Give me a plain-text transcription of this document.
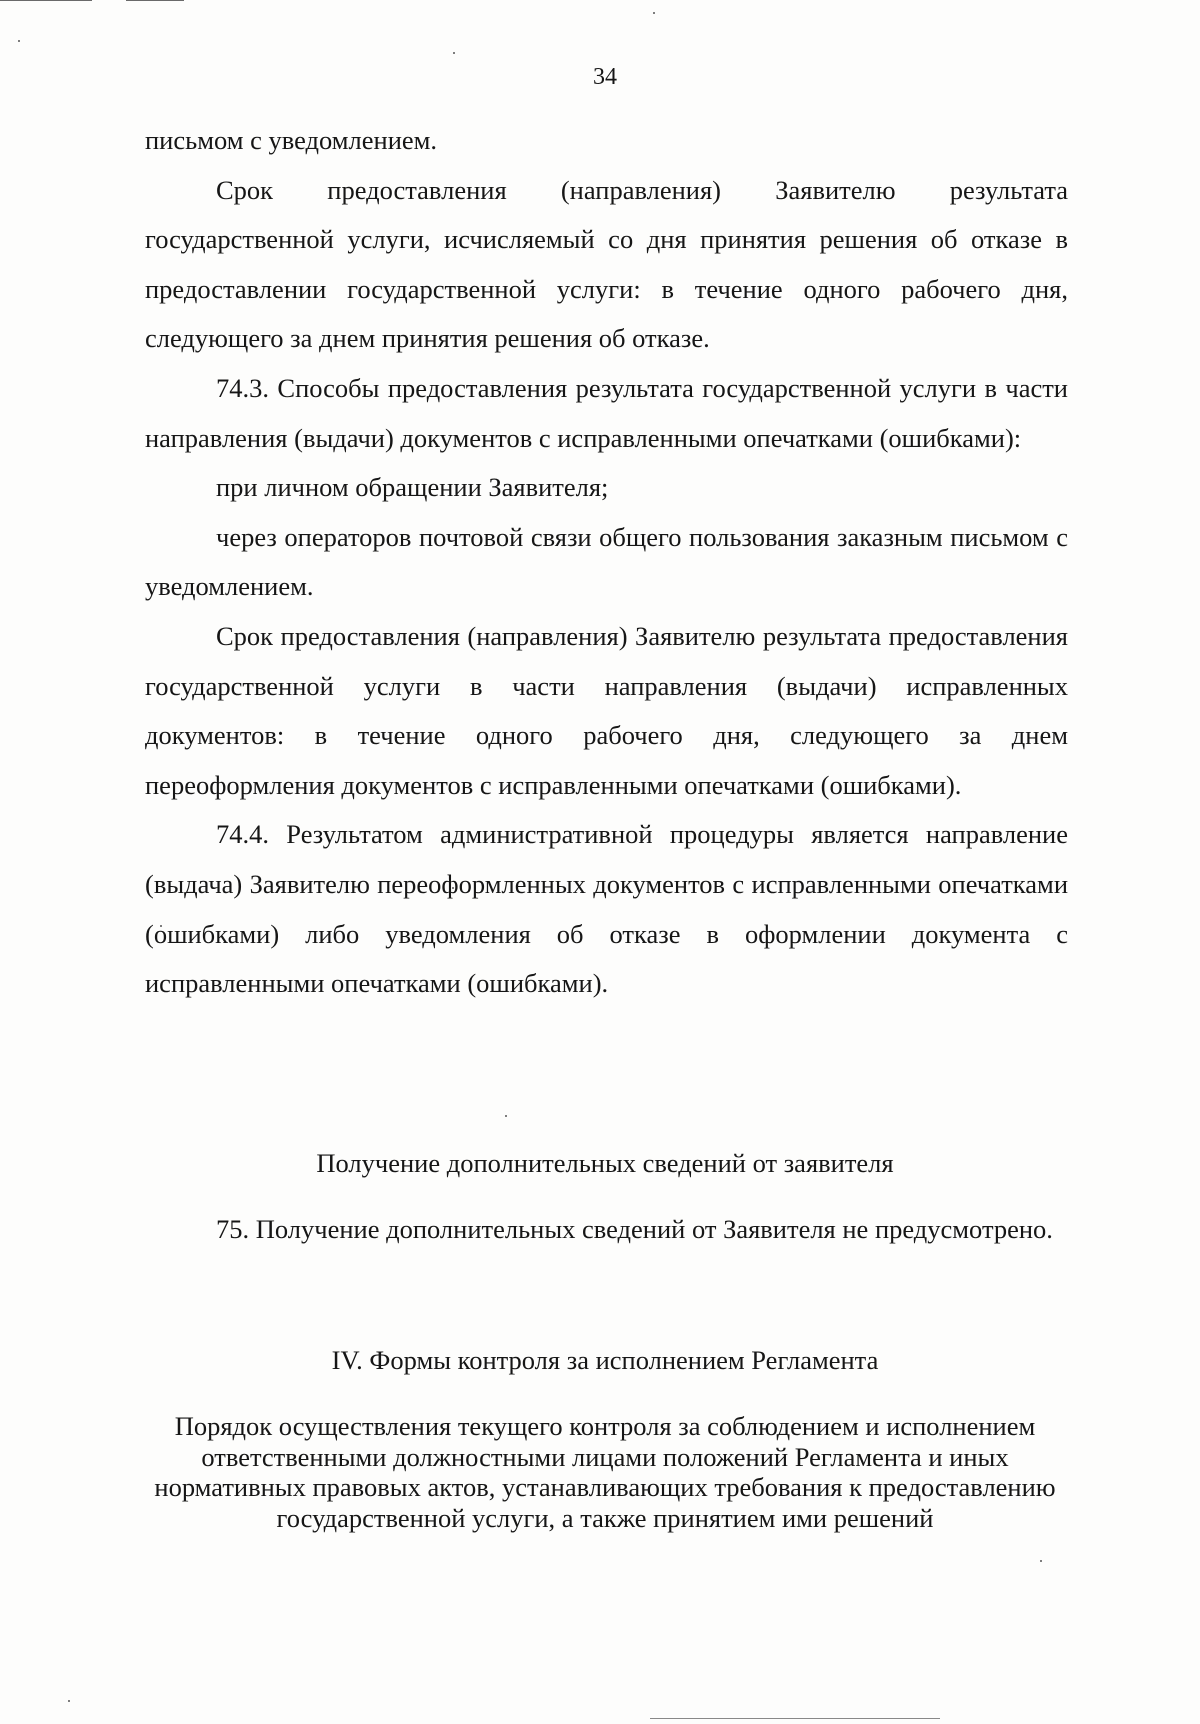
34

письмом с уведомлением.

Срок предоставления (направления) Заявителю результата государственной услуги, исчисляемый со дня принятия решения об отказе в предоставлении государственной услуги: в течение одного рабочего дня, следующего за днем принятия решения об отказе.

74.3. Способы предоставления результата государственной услуги в части направления (выдачи) документов с исправленными опечатками (ошибками):

при личном обращении Заявителя;

через операторов почтовой связи общего пользования заказным письмом с уведомлением.

Срок предоставления (направления) Заявителю результата предоставления государственной услуги в части направления (выдачи) исправленных документов: в течение одного рабочего дня, следующего за днем переоформления документов с исправленными опечатками (ошибками).

74.4. Результатом административной процедуры является направление (выдача) Заявителю переоформленных документов с исправленными опечатками (ошибками) либо уведомления об отказе в оформлении документа с исправленными опечатками (ошибками).

Получение дополнительных сведений от заявителя

75. Получение дополнительных сведений от Заявителя не предусмотрено.

IV. Формы контроля за исполнением Регламента
Порядок осуществления текущего контроля за соблюдением и исполнением ответственными должностными лицами положений Регламента и иных нормативных правовых актов, устанавливающих требования к предоставлению государственной услуги, а также принятием ими решений
